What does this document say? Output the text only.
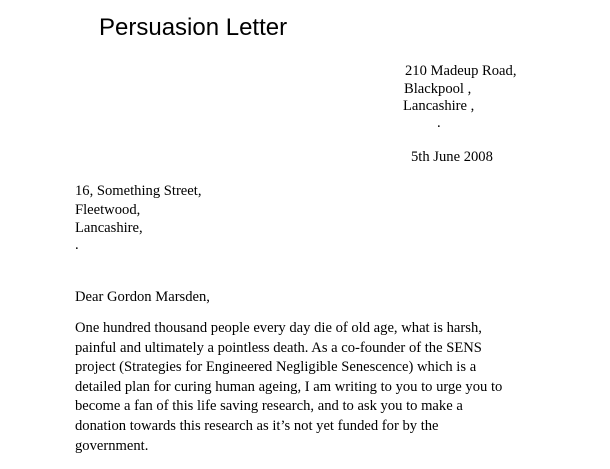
Persuasion Letter
210 Madeup Road,
Blackpool ,
Lancashire ,
.
5th June 2008
16, Something Street,
Fleetwood,
Lancashire,
.
Dear Gordon Marsden,
One hundred thousand people every day die of old age, what is harsh,
painful and ultimately a pointless death. As a co-founder of the SENS
project (Strategies for Engineered Negligible Senescence) which is a
detailed plan for curing human ageing, I am writing to you to urge you to
become a fan of this life saving research, and to ask you to make a
donation towards this research as it’s not yet funded for by the
government.
